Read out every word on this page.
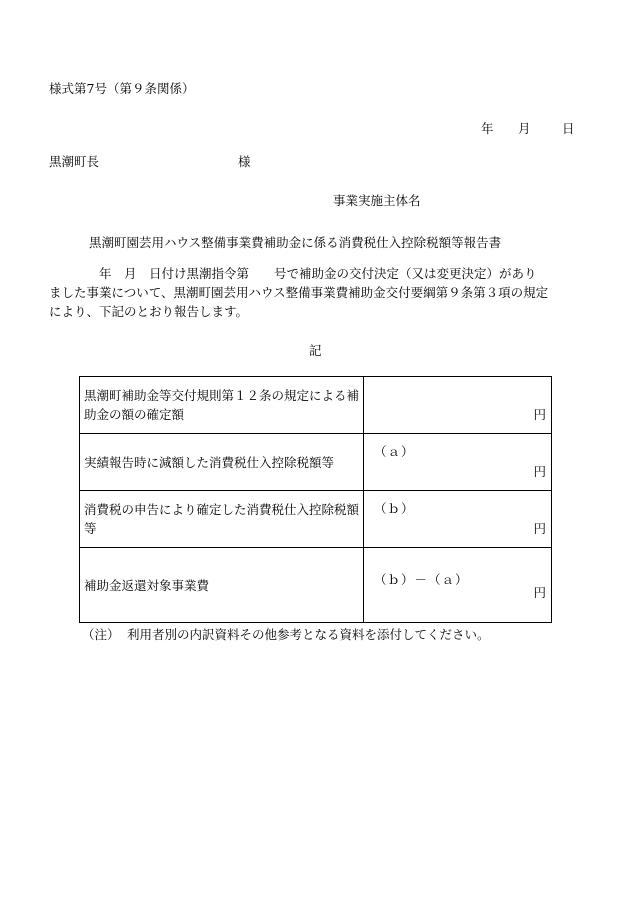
様式第7号（第９条関係）
年 月	日
黒潮町長	様
事業実施主体名
黒潮町園芸用ハウス整備事業費補助金に係る消費税仕入控除税額等報告書

　　　　年　月　日付け黒潮指令第　　号で補助金の交付決定（又は変更決定）があり

ました事業について、黒潮町園芸用ハウス整備事業費補助金交付要綱第９条第３項の規定

により、下記のとおり報告します。

記
黒潮町補助金等交付規則第１２条の規定による補助金の額の確定額	円

実績報告時に減額した消費税仕入控除税額等	（ａ）
円

消費税の申告により確定した消費税仕入控除税額等	（ｂ）
円

補助金返還対象事業費	（ｂ）－（ａ）
円
（注） 利用者別の内訳資料その他参考となる資料を添付してください。
